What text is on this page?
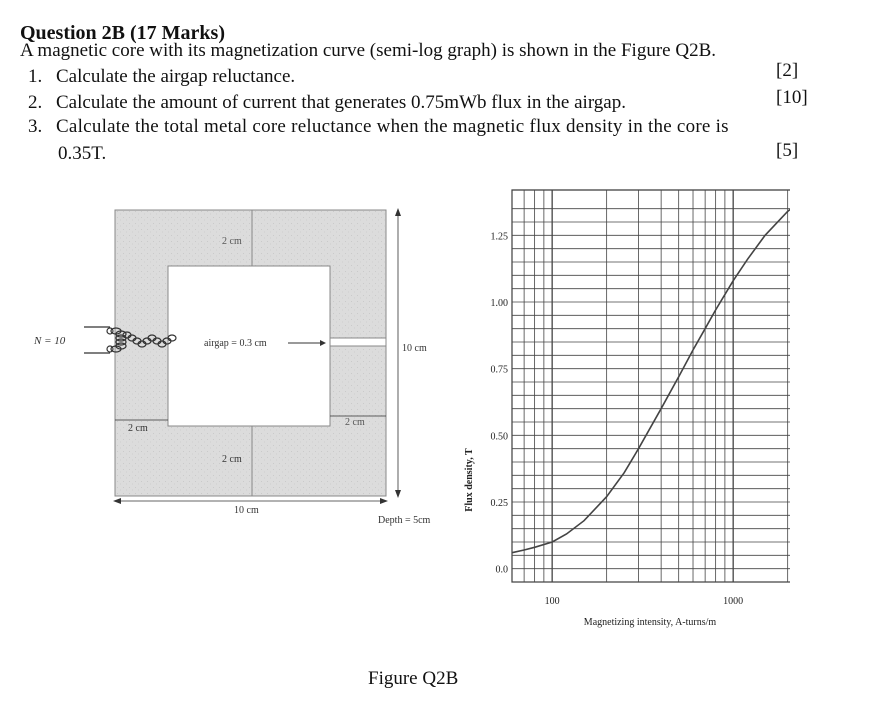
Question 2B (17 Marks)
A magnetic core with its magnetization curve (semi-log graph) is shown in the Figure Q2B.
1. Calculate the airgap reluctance.	[2]
2. Calculate the amount of current that generates 0.75mWb flux in the airgap.	[10]
3. Calculate the total metal core reluctance when the magnetic flux density in the core is
0.35T.	[5]
N = 10	airgap = 0.3 cm
2 cm
2 cm
2 cm
2 cm
10 cm
10 cm
Depth = 5cm
0.0
0.25
0.50
0.75
1.00
1.25
100	1000
Flux density, T
Magnetizing intensity, A-turns/m
Figure Q2B
